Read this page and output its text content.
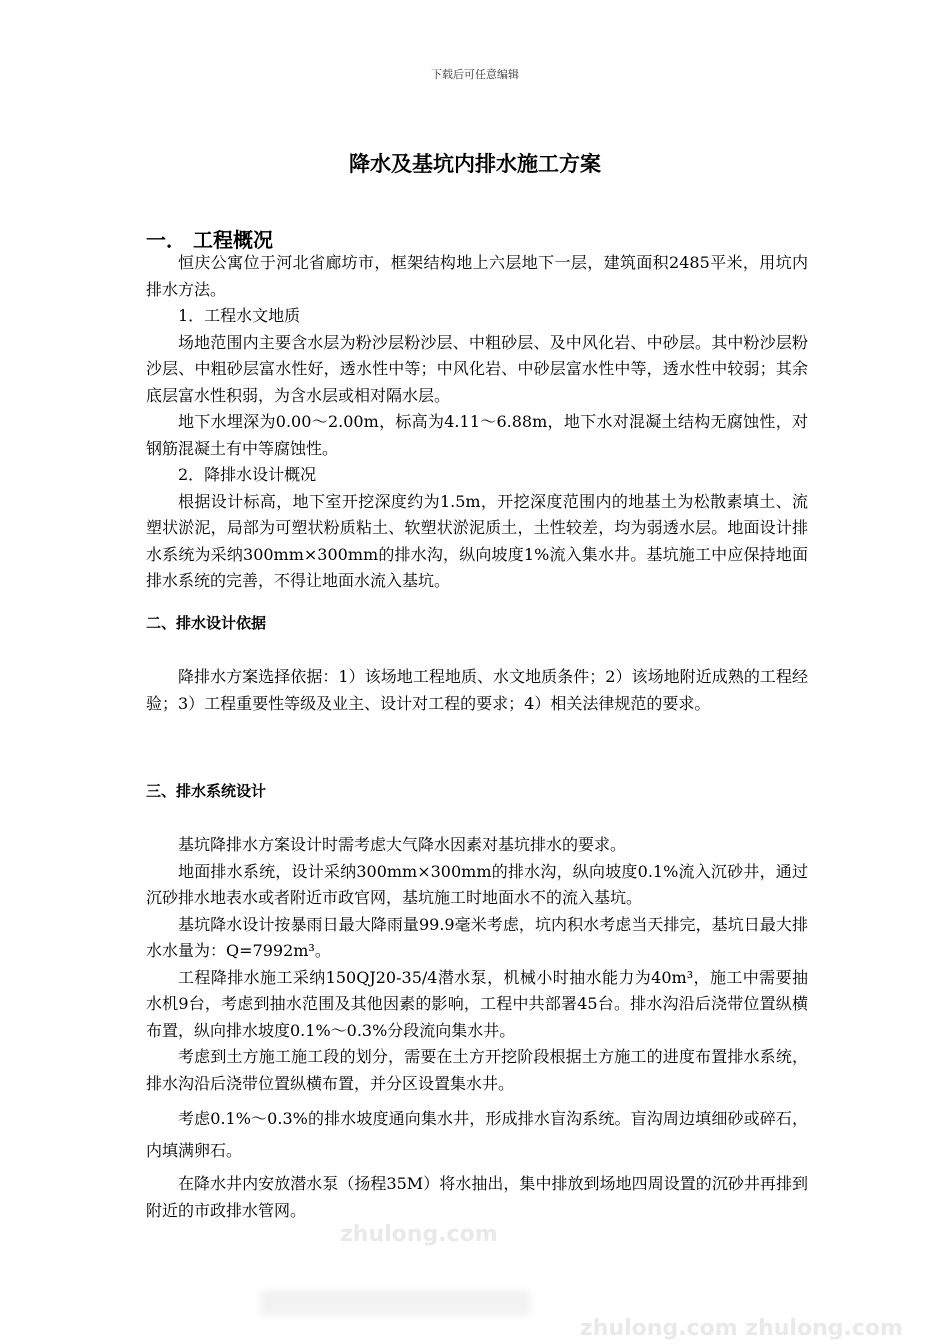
下载后可任意编辑
降水及基坑内排水施工方案
一． 工程概况

恒庆公寓位于河北省廊坊市，框架结构地上六层地下一层，建筑面积2485平米，用坑内排水方法。

1．工程水文地质

场地范围内主要含水层为粉沙层粉沙层、中粗砂层、及中风化岩、中砂层。其中粉沙层粉沙层、中粗砂层富水性好，透水性中等；中风化岩、中砂层富水性中等，透水性中较弱；其余底层富水性积弱，为含水层或相对隔水层。

地下水埋深为0.00～2.00m，标高为4.11～6.88m，地下水对混凝土结构无腐蚀性，对钢筋混凝土有中等腐蚀性。

2．降排水设计概况

根据设计标高，地下室开挖深度约为1.5m，开挖深度范围内的地基土为松散素填土、流塑状淤泥，局部为可塑状粉质粘土、软塑状淤泥质土，土性较差，均为弱透水层。地面设计排水系统为采纳300mm×300mm的排水沟，纵向坡度1%流入集水井。基坑施工中应保持地面排水系统的完善，不得让地面水流入基坑。

二、排水设计依据

降排水方案选择依据：1）该场地工程地质、水文地质条件；2）该场地附近成熟的工程经验；3）工程重要性等级及业主、设计对工程的要求；4）相关法律规范的要求。

三、排水系统设计

基坑降排水方案设计时需考虑大气降水因素对基坑排水的要求。

地面排水系统，设计采纳300mm×300mm的排水沟，纵向坡度0.1%流入沉砂井，通过沉砂排水地表水或者附近市政官网，基坑施工时地面水不的流入基坑。

基坑降水设计按暴雨日最大降雨量99.9毫米考虑，坑内积水考虑当天排完，基坑日最大排水水量为：Q=7992m³。

工程降排水施工采纳150QJ20-35/4潜水泵，机械小时抽水能力为40m³，施工中需要抽水机9台，考虑到抽水范围及其他因素的影响，工程中共部署45台。排水沟沿后浇带位置纵横布置，纵向排水坡度0.1%～0.3%分段流向集水井。

考虑到土方施工施工段的划分，需要在土方开挖阶段根据土方施工的进度布置排水系统，排水沟沿后浇带位置纵横布置，并分区设置集水井。

考虑0.1%～0.3%的排水坡度通向集水井，形成排水盲沟系统。盲沟周边填细砂或碎石，内填满卵石。

在降水井内安放潜水泵（扬程35M）将水抽出，集中排放到场地四周设置的沉砂井再排到附近的市政排水管网。

zhulong.com
zhulong.com zhulong.com
